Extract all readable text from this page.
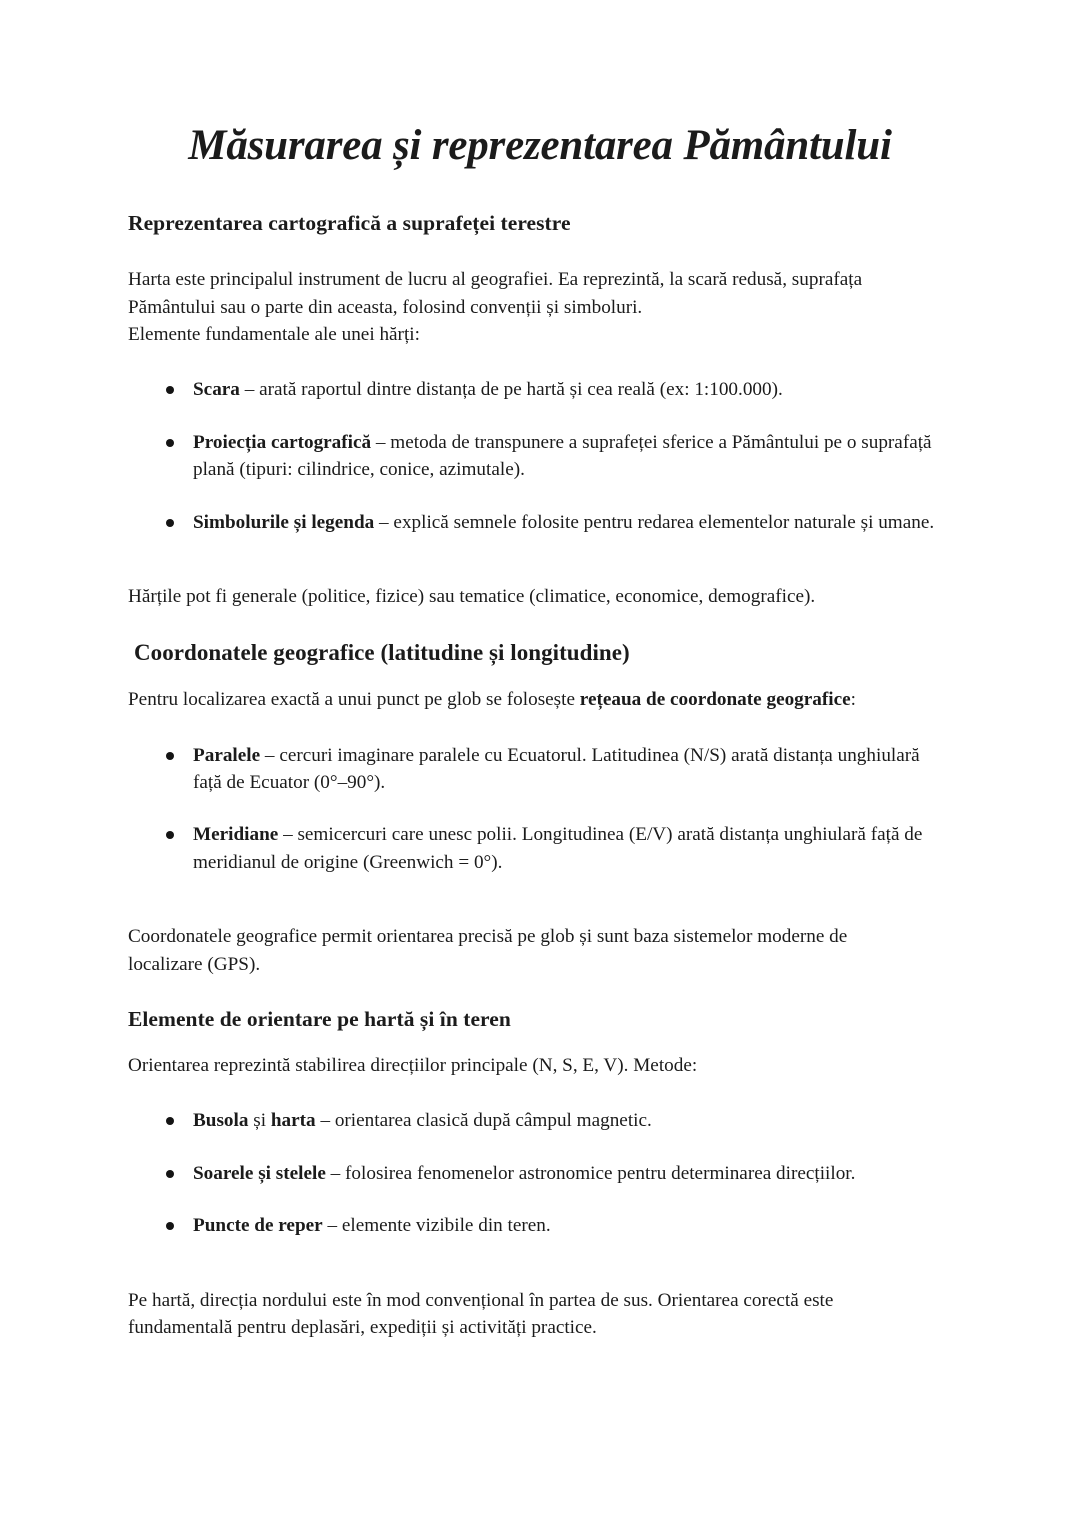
Măsurarea și reprezentarea Pământului
Reprezentarea cartografică a suprafeței terestre

Harta este principalul instrument de lucru al geografiei. Ea reprezintă, la scară redusă, suprafața Pământului sau o parte din aceasta, folosind convenții și simboluri.

Elemente fundamentale ale unei hărți:

Scara – arată raportul dintre distanța de pe hartă și cea reală (ex: 1:100.000).
Proiecția cartografică – metoda de transpunere a suprafeței sferice a Pământului pe o suprafață plană (tipuri: cilindrice, conice, azimutale).
Simbolurile și legenda – explică semnele folosite pentru redarea elementelor naturale și umane.

Hărțile pot fi generale (politice, fizice) sau tematice (climatice, economice, demografice).

Coordonatele geografice (latitudine și longitudine)

Pentru localizarea exactă a unui punct pe glob se folosește rețeaua de coordonate geografice:

Paralele – cercuri imaginare paralele cu Ecuatorul. Latitudinea (N/S) arată distanța unghiulară față de Ecuator (0°–90°).
Meridiane – semicercuri care unesc polii. Longitudinea (E/V) arată distanța unghiulară față de meridianul de origine (Greenwich = 0°).

Coordonatele geografice permit orientarea precisă pe glob și sunt baza sistemelor moderne de localizare (GPS).

Elemente de orientare pe hartă și în teren

Orientarea reprezintă stabilirea direcțiilor principale (N, S, E, V). Metode:

Busola și harta – orientarea clasică după câmpul magnetic.
Soarele și stelele – folosirea fenomenelor astronomice pentru determinarea direcțiilor.
Puncte de reper – elemente vizibile din teren.

Pe hartă, direcția nordului este în mod convențional în partea de sus. Orientarea corectă este fundamentală pentru deplasări, expediții și activități practice.
